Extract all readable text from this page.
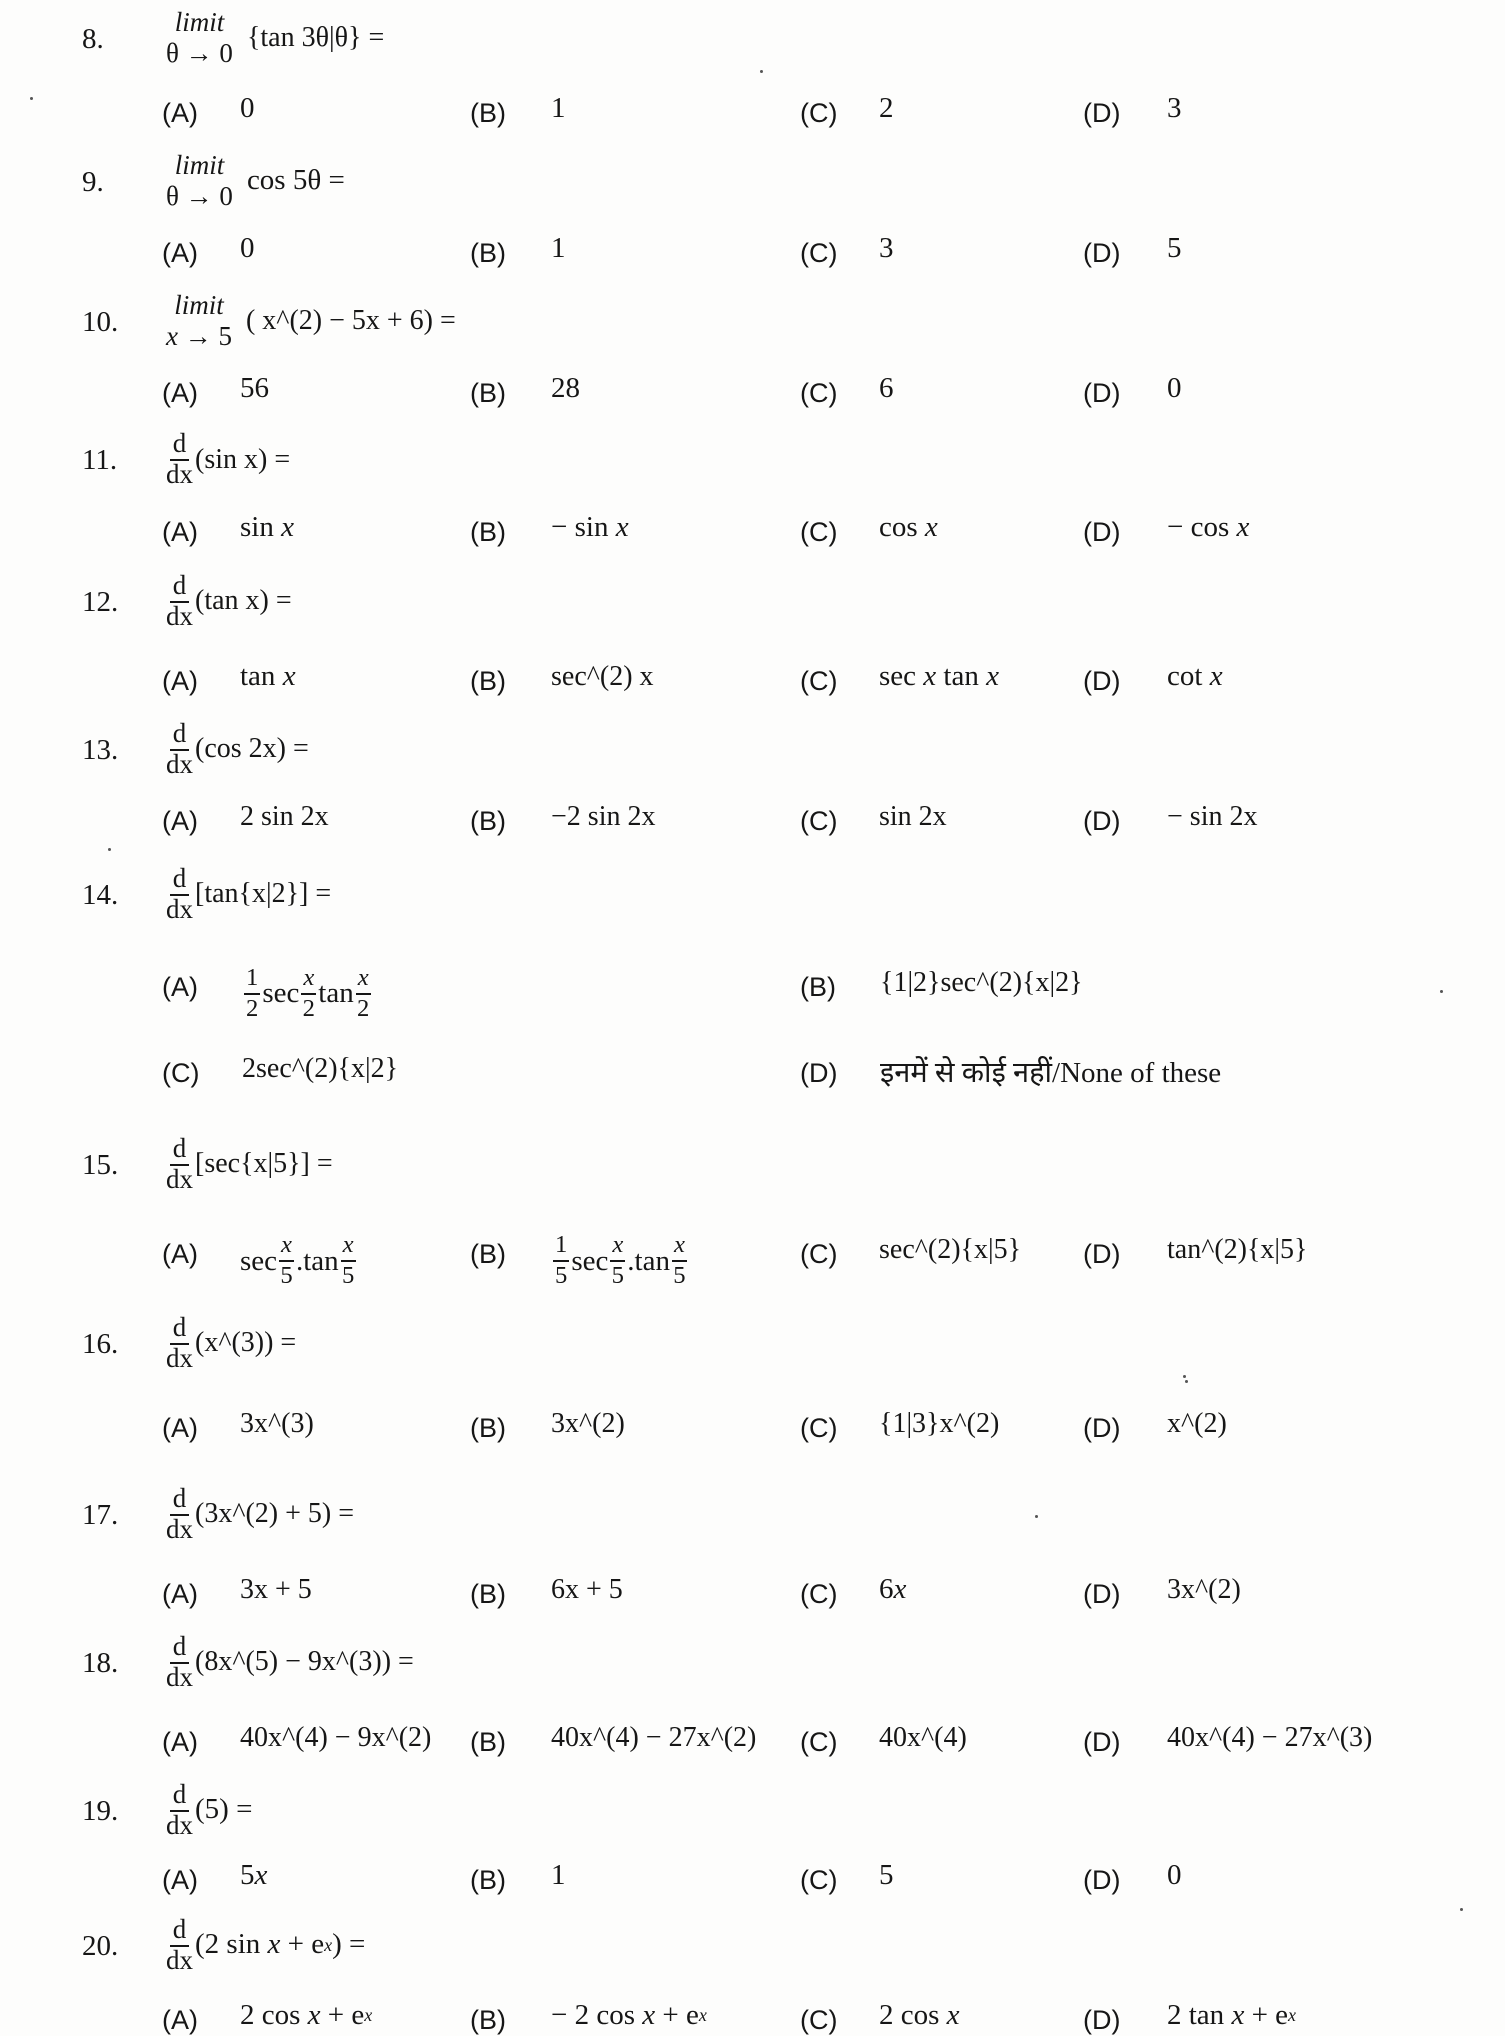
8.
limit
θ → 0 {tan 3θ|θ} =
(A) 0	(B) 1	(C) 2	(D) 3
9.
limit
θ → 0 cos 5θ =
(A) 0	(B) 1	(C) 3	(D) 5
10.
limit
x → 5 ( x^(2) − 5x + 6) =
(A) 56	(B) 28	(C) 6	(D) 0
11. $\frac{d}{dx} (\sin$ x) =
(A) sin x	(B) − sin x	(C) cos x	(D) − cos x
12. $\frac{d}{dx} (\tan$ x) =
(A) tan x	(B) sec^(2) x	(C) sec x tan x	(D) cot x
13. $\frac{d}{dx} (\cos$ 2x) =
(A) 2 sin 2x	(B) −2 sin 2x	(C) sin 2x	(D) − sin 2x
14. $\frac{d}{dx} [\tan\{x|2\}]$ =
$(A) \frac{1}{2}$ $\sec \frac{x}{2}$ $\tan \frac{x}{2}$	(B) {1|2}sec^(2){x|2}
(C) 2sec^(2){x|2}	(D) इनमें से कोई नहीं/None of these
15. $\frac{d}{dx} [\sec\{x|5\}]$ =
(A) $\sec \frac{x}{5} .\tan \frac{x}{5}$	$(B) \frac{1}{5}$ $\sec \frac{x}{5} .\tan \frac{x}{5}$	(C) sec^(2){x|5} (D) tan^(2){x|5}
16. $\frac{d}{dx}$ (x^(3)) =
(A) 3x^(3)	(B) 3x^(2)	(C) {1|3}x^(2)	(D) x^(2)
17. $\frac{d}{dx}$ (3x^(2) + 5) =
(A) 3x + 5	(B) 6x + 5	(C) 6 x	(D) 3x^(2)
18. $\frac{d}{dx}$ (8x^(5) − 9x^(3)) =
(A) 40x^(4) − 9x^(2) (B) 40x^(4) − 27x^(2) (C) 40x^(4)	(D) 40x^(4) − 27x^(3)
19. $\frac{d}{dx} (5)$ =
(A) 5 x	(B) 1	(C) 5	(D) 0
20. $\frac{d}{dx} (2$ sin x + e x ) =
(A) 2 cos x + e x	(B) − 2 cos x + e x	(C) 2 cos x	(D) 2 tan x + e x
